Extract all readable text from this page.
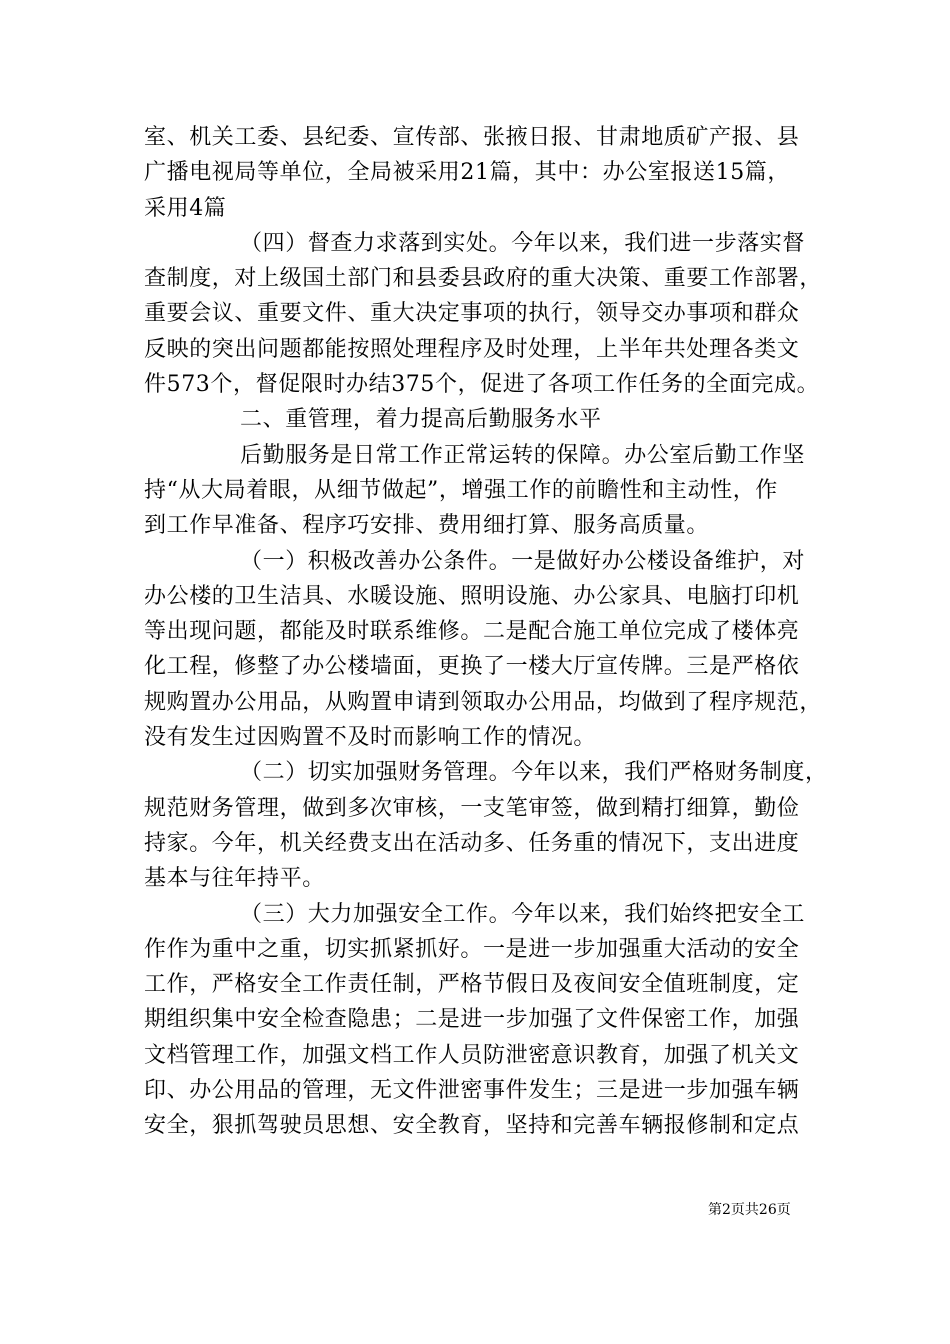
室、机关工委、县纪委、宣传部、张掖日报、甘肃地质矿产报、县
广播电视局等单位，全局被采用21篇，其中：办公室报送15篇，
采用4篇
（四）督查力求落到实处。今年以来，我们进一步落实督
查制度，对上级国土部门和县委县政府的重大决策、重要工作部署，
重要会议、重要文件、重大决定事项的执行，领导交办事项和群众
反映的突出问题都能按照处理程序及时处理，上半年共处理各类文
件573个，督促限时办结375个，促进了各项工作任务的全面完成。
二、重管理，着力提高后勤服务水平
后勤服务是日常工作正常运转的保障。办公室后勤工作坚
持“从大局着眼，从细节做起”，增强工作的前瞻性和主动性，作
到工作早准备、程序巧安排、费用细打算、服务高质量。
（一）积极改善办公条件。一是做好办公楼设备维护，对
办公楼的卫生洁具、水暖设施、照明设施、办公家具、电脑打印机
等出现问题，都能及时联系维修。二是配合施工单位完成了楼体亮
化工程，修整了办公楼墙面，更换了一楼大厅宣传牌。三是严格依
规购置办公用品，从购置申请到领取办公用品，均做到了程序规范，
没有发生过因购置不及时而影响工作的情况。
（二）切实加强财务管理。今年以来，我们严格财务制度，
规范财务管理，做到多次审核，一支笔审签，做到精打细算，勤俭
持家。今年，机关经费支出在活动多、任务重的情况下，支出进度
基本与往年持平。
（三）大力加强安全工作。今年以来，我们始终把安全工
作作为重中之重，切实抓紧抓好。一是进一步加强重大活动的安全
工作，严格安全工作责任制，严格节假日及夜间安全值班制度，定
期组织集中安全检查隐患；二是进一步加强了文件保密工作，加强
文档管理工作，加强文档工作人员防泄密意识教育，加强了机关文
印、办公用品的管理，无文件泄密事件发生；三是进一步加强车辆
安全，狠抓驾驶员思想、安全教育，坚持和完善车辆报修制和定点
第2页共26页
